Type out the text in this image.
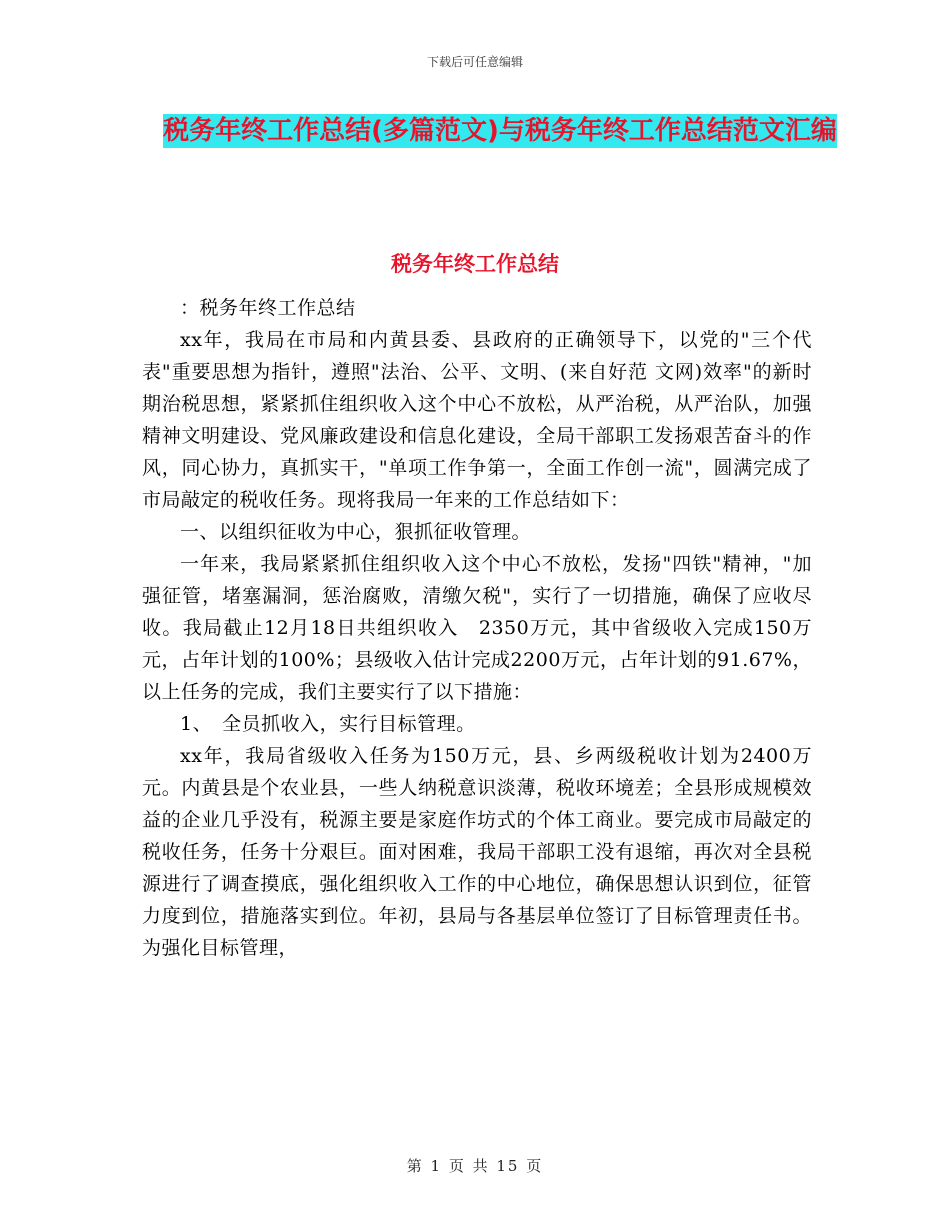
下载后可任意编辑
税务年终工作总结(多篇范文)与税务年终工作总结范文汇编
税务年终工作总结

：税务年终工作总结

xx年，我局在市局和内黄县委、县政府的正确领导下，以党的"三个代表"重要思想为指针，遵照"法治、公平、文明、(来自好范 文网)效率"的新时期治税思想，紧紧抓住组织收入这个中心不放松，从严治税，从严治队，加强精神文明建设、党风廉政建设和信息化建设，全局干部职工发扬艰苦奋斗的作风，同心协力，真抓实干，"单项工作争第一，全面工作创一流"，圆满完成了市局敲定的税收任务。现将我局一年来的工作总结如下：

一、以组织征收为中心，狠抓征收管理。

一年来，我局紧紧抓住组织收入这个中心不放松，发扬"四铁"精神，"加强征管，堵塞漏洞，惩治腐败，清缴欠税"，实行了一切措施，确保了应收尽收。我局截止12月18日共组织收入　2350万元，其中省级收入完成150万元，占年计划的100%；县级收入估计完成2200万元，占年计划的91.67%，以上任务的完成，我们主要实行了以下措施：

1、　全员抓收入，实行目标管理。

xx年，我局省级收入任务为150万元，县、乡两级税收计划为2400万元。内黄县是个农业县，一些人纳税意识淡薄，税收环境差；全县形成规模效益的企业几乎没有，税源主要是家庭作坊式的个体工商业。要完成市局敲定的税收任务，任务十分艰巨。面对困难，我局干部职工没有退缩，再次对全县税源进行了调查摸底，强化组织收入工作的中心地位，确保思想认识到位，征管力度到位，措施落实到位。年初，县局与各基层单位签订了目标管理责任书。为强化目标管理，

第 1 页 共 15 页
